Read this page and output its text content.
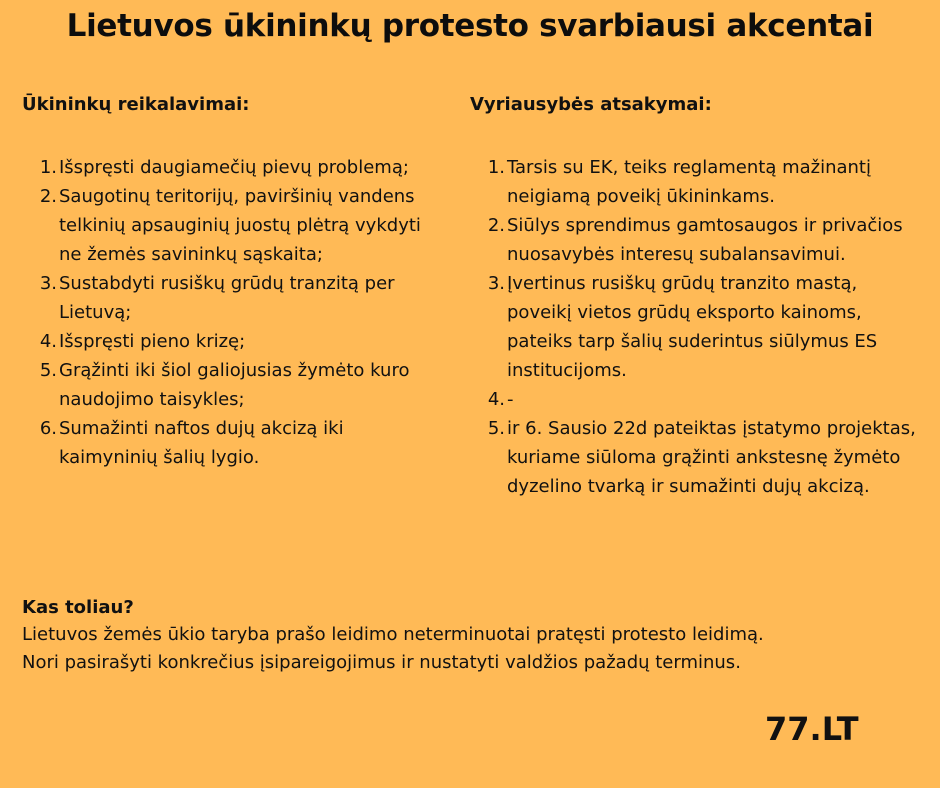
Lietuvos ūkininkų protesto svarbiausi akcentai
Ūkininkų reikalavimai:
1. Išspręsti daugiamečių pievų problemą;
2. Saugotinų teritorijų, paviršinių vandens telkinių apsauginių juostų plėtrą vykdyti ne žemės savininkų sąskaita;
3. Sustabdyti rusiškų grūdų tranzitą per Lietuvą;
4. Išspręsti pieno krizę;
5. Grąžinti iki šiol galiojusias žymėto kuro naudojimo taisykles;
6. Sumažinti naftos dujų akcizą iki kaimyninių šalių lygio.
Vyriausybės atsakymai:
1. Tarsis su EK, teiks reglamentą mažinantį neigiamą poveikį ūkininkams.
2. Siūlys sprendimus gamtosaugos ir privačios nuosavybės interesų subalansavimui.
3. Įvertinus rusiškų grūdų tranzito mastą, poveikį vietos grūdų eksporto kainoms, pateiks tarp šalių suderintus siūlymus ES institucijoms.
4. -
5. ir 6. Sausio 22d pateiktas įstatymo projektas, kuriame siūloma grąžinti ankstesnę žymėto dyzelino tvarką ir sumažinti dujų akcizą.
Kas toliau?

Lietuvos žemės ūkio taryba prašo leidimo neterminuotai pratęsti protesto leidimą.

Nori pasirašyti konkrečius įsipareigojimus ir nustatyti valdžios pažadų terminus.

77.LT
